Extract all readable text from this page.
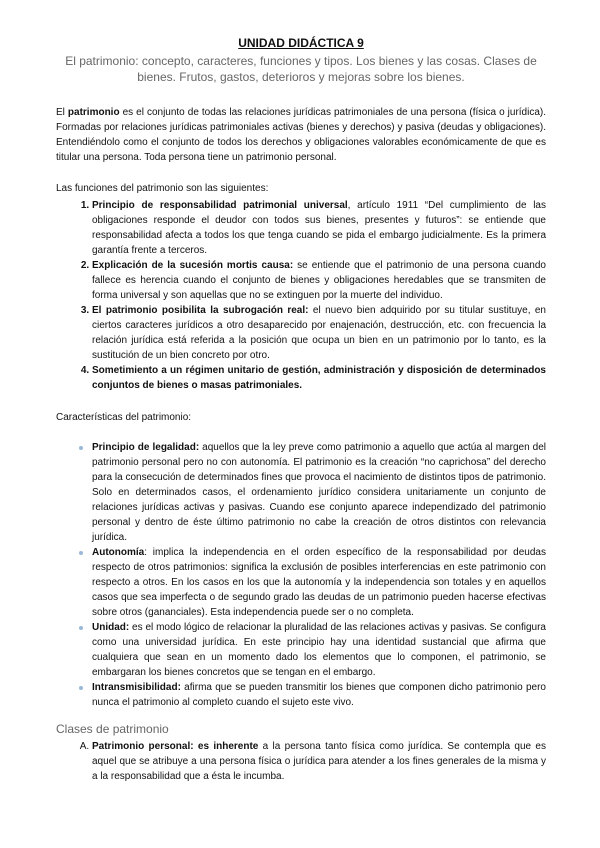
UNIDAD DIDÁCTICA 9

El patrimonio: concepto, caracteres, funciones y tipos. Los bienes y las cosas. Clases de bienes. Frutos, gastos, deterioros y mejoras sobre los bienes.

El patrimonio es el conjunto de todas las relaciones jurídicas patrimoniales de una persona (física o jurídica). Formadas por relaciones jurídicas patrimoniales activas (bienes y derechos) y pasiva (deudas y obligaciones). Entendiéndolo como el conjunto de todos los derechos y obligaciones valorables económicamente de que es titular una persona. Toda persona tiene un patrimonio personal.

Las funciones del patrimonio son las siguientes:

1. Principio de responsabilidad patrimonial universal, artículo 1911 “Del cumplimiento de las obligaciones responde el deudor con todos sus bienes, presentes y futuros”: se entiende que responsabilidad afecta a todos los que tenga cuando se pida el embargo judicialmente. Es la primera garantía frente a terceros.
2. Explicación de la sucesión mortis causa: se entiende que el patrimonio de una persona cuando fallece es herencia cuando el conjunto de bienes y obligaciones heredables que se transmiten de forma universal y son aquellas que no se extinguen por la muerte del individuo.
3. El patrimonio posibilita la subrogación real: el nuevo bien adquirido por su titular sustituye, en ciertos caracteres jurídicos a otro desaparecido por enajenación, destrucción, etc. con frecuencia la relación jurídica está referida a la posición que ocupa un bien en un patrimonio por lo tanto, es la sustitución de un bien concreto por otro.
4. Sometimiento a un régimen unitario de gestión, administración y disposición de determinados conjuntos de bienes o masas patrimoniales.

Características del patrimonio:

Principio de legalidad: aquellos que la ley preve como patrimonio a aquello que actúa al margen del patrimonio personal pero no con autonomía. El patrimonio es la creación “no caprichosa” del derecho para la consecución de determinados fines que provoca el nacimiento de distintos tipos de patrimonio. Solo en determinados casos, el ordenamiento jurídico considera unitariamente un conjunto de relaciones jurídicas activas y pasivas. Cuando ese conjunto aparece independizado del patrimonio personal y dentro de éste último patrimonio no cabe la creación de otros distintos con relevancia jurídica.
Autonomía: implica la independencia en el orden específico de la responsabilidad por deudas respecto de otros patrimonios: significa la exclusión de posibles interferencias en este patrimonio con respecto a otros. En los casos en los que la autonomía y la independencia son totales y en aquellos casos que sea imperfecta o de segundo grado las deudas de un patrimonio pueden hacerse efectivas sobre otros (gananciales). Esta independencia puede ser o no completa.
Unidad: es el modo lógico de relacionar la pluralidad de las relaciones activas y pasivas. Se configura como una universidad jurídica. En este principio hay una identidad sustancial que afirma que cualquiera que sean en un momento dado los elementos que lo componen, el patrimonio, se embargaran los bienes concretos que se tengan en el embargo.
Intransmisibilidad: afirma que se pueden transmitir los bienes que componen dicho patrimonio pero nunca el patrimonio al completo cuando el sujeto este vivo.
Clases de patrimonio
A. Patrimonio personal: es inherente a la persona tanto física como jurídica. Se contempla que es aquel que se atribuye a una persona física o jurídica para atender a los fines generales de la misma y a la responsabilidad que a ésta le incumba.
